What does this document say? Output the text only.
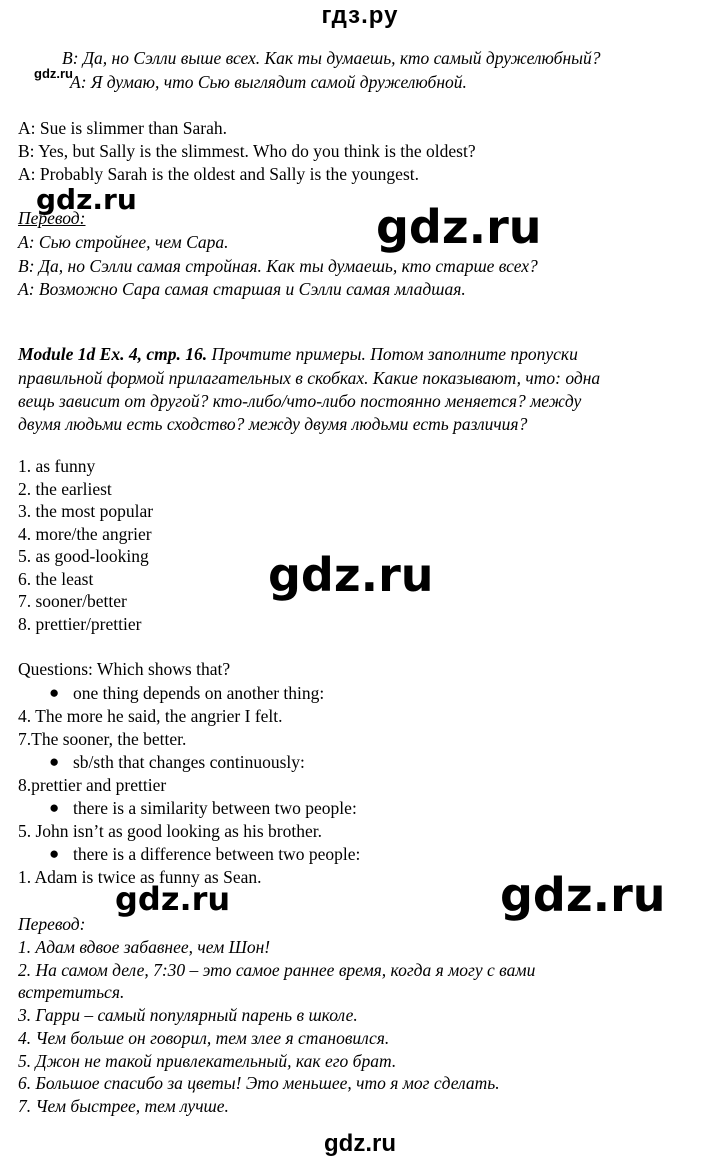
гдз.ру
B: Да, но Сэлли выше всех. Как ты думаешь, кто самый дружелюбный?
A: Я думаю, что Сью выглядит самой дружелюбной.
gdz.ru
A: Sue is slimmer than Sarah.
B: Yes, but Sally is the slimmest. Who do you think is the oldest?
A: Probably Sarah is the oldest and Sally is the youngest.
gdz.ru
Перевод:
А: Сью стройнее, чем Сара.
В: Да, но Сэлли самая стройная. Как ты думаешь, кто старше всех?
А: Возможно Сара самая старшая и Сэлли самая младшая.
gdz.ru
Module 1d Ex. 4, стр. 16. Прочтите примеры. Потом заполните пропуски
правильной формой прилагательных в скобках. Какие показывают, что: одна
вещь зависит от другой? кто-либо/что-либо постоянно меняется? между
двумя людьми есть сходство? между двумя людьми есть различия?
1. as funny
2. the earliest
3. the most popular
4. more/the angrier
5. as good-looking
6. the least
7. sooner/better
8. prettier/prettier
gdz.ru
Questions: Which shows that?
● one thing depends on another thing:
4. The more he said, the angrier I felt.
7.The sooner, the better.
● sb/sth that changes continuously:
8.prettier and prettier
● there is a similarity between two people:
5. John isn’t as good looking as his brother.
● there is a difference between two people:
1. Adam is twice as funny as Sean.
gdz.ru	gdz.ru
Перевод:
1. Адам вдвое забавнее, чем Шон!
2. На самом деле, 7:30 – это самое раннее время, когда я могу с вами
встретиться.
3. Гарри – самый популярный парень в школе.
4. Чем больше он говорил, тем злее я становился.
5. Джон не такой привлекательный, как его брат.
6. Большое спасибо за цветы! Это меньшее, что я мог сделать.
7. Чем быстрее, тем лучше.
gdz.ru
